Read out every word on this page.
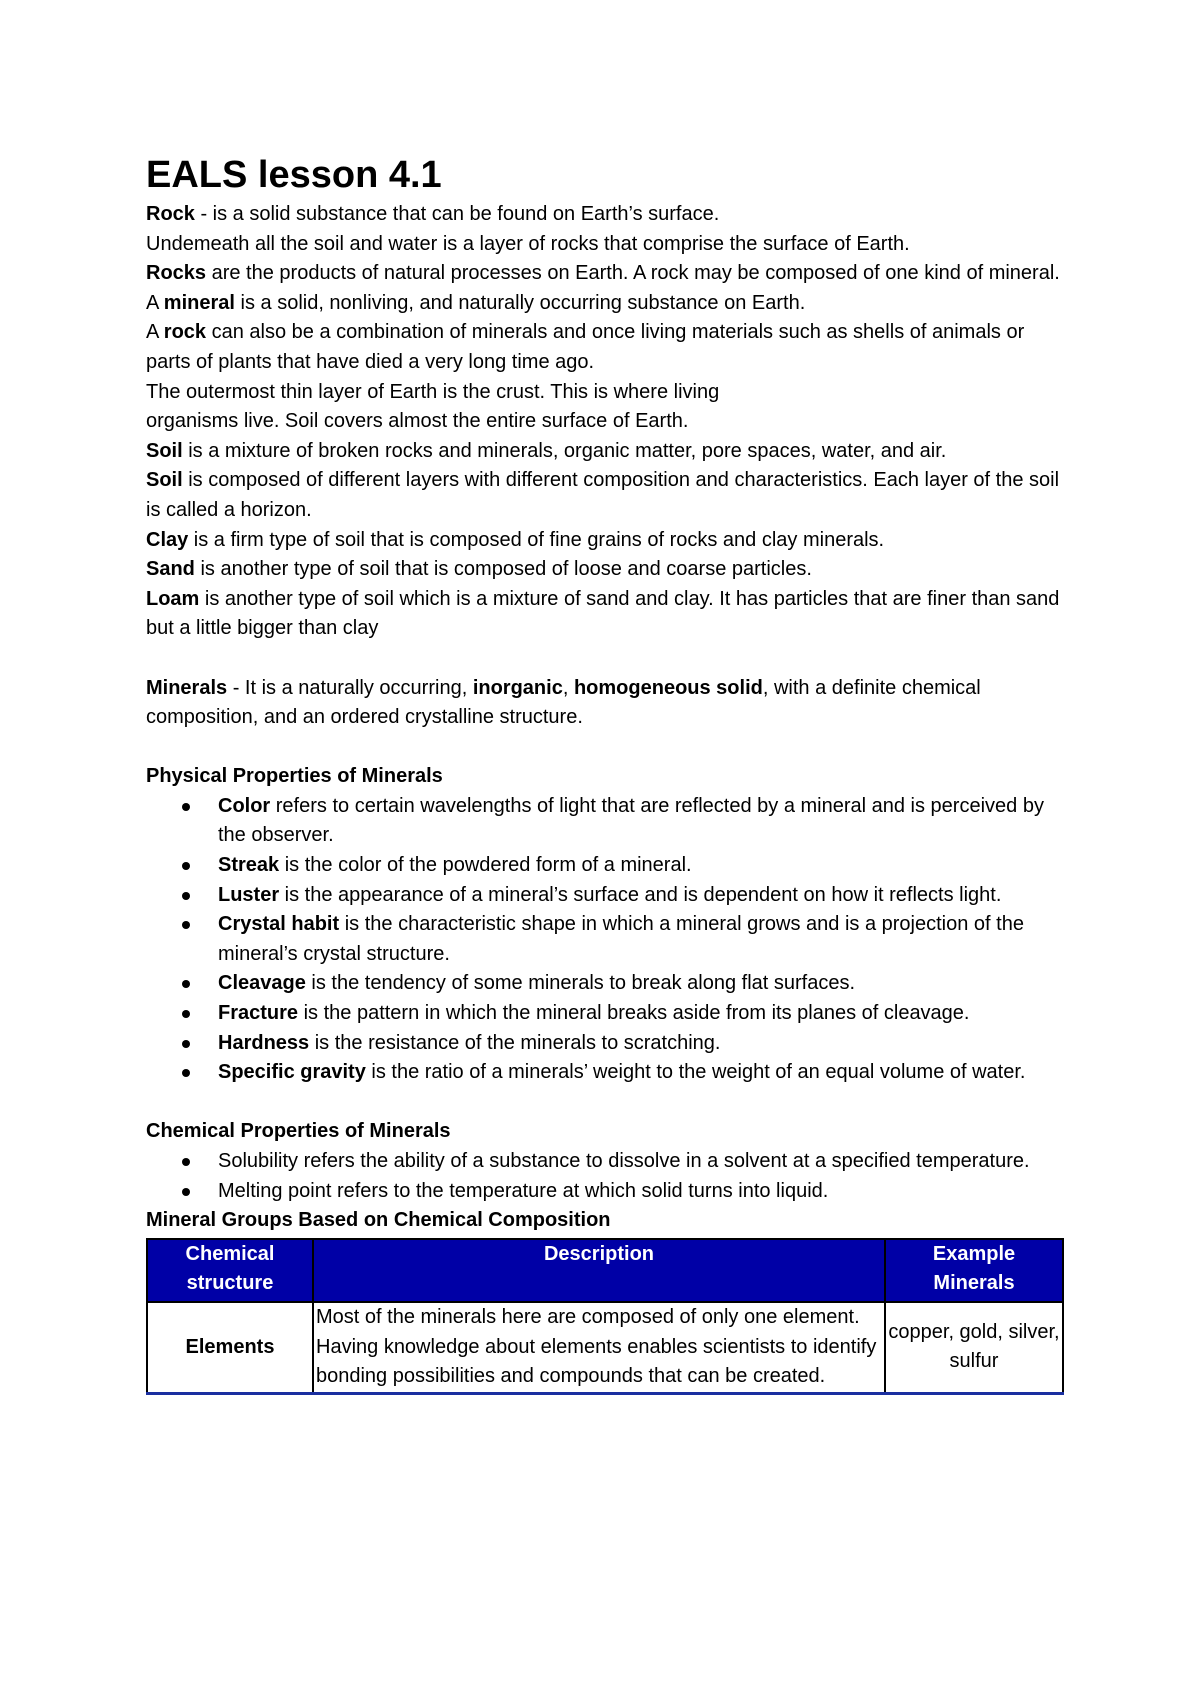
EALS lesson 4.1

Rock - is a solid substance that can be found on Earth’s surface.

Undemeath all the soil and water is a layer of rocks that comprise the surface of Earth.

Rocks are the products of natural processes on Earth. A rock may be composed of one kind of mineral.

A mineral is a solid, nonliving, and naturally occurring substance on Earth.

A rock can also be a combination of minerals and once living materials such as shells of animals or parts of plants that have died a very long time ago.

The outermost thin layer of Earth is the crust. This is where living

organisms live. Soil covers almost the entire surface of Earth.

Soil is a mixture of broken rocks and minerals, organic matter, pore spaces, water, and air.

Soil is composed of different layers with different composition and characteristics. Each layer of the soil is called a horizon.

Clay is a firm type of soil that is composed of fine grains of rocks and clay minerals.

Sand is another type of soil that is composed of loose and coarse particles.

Loam is another type of soil which is a mixture of sand and clay. It has particles that are finer than sand but a little bigger than clay

Minerals - It is a naturally occurring, inorganic, homogeneous solid, with a definite chemical composition, and an ordered crystalline structure.

Physical Properties of Minerals
Color refers to certain wavelengths of light that are reflected by a mineral and is perceived by the observer.
Streak is the color of the powdered form of a mineral.
Luster is the appearance of a mineral’s surface and is dependent on how it reflects light.
Crystal habit is the characteristic shape in which a mineral grows and is a projection of the mineral’s crystal structure.
Cleavage is the tendency of some minerals to break along flat surfaces.
Fracture is the pattern in which the mineral breaks aside from its planes of cleavage.
Hardness is the resistance of the minerals to scratching.
Specific gravity is the ratio of a minerals’ weight to the weight of an equal volume of water.
Chemical Properties of Minerals
Solubility refers the ability of a substance to dissolve in a solvent at a specified temperature.
Melting point refers to the temperature at which solid turns into liquid.
Mineral Groups Based on Chemical Composition
Chemical structure	Description	Example Minerals
Elements	Most of the minerals here are composed of only one element. Having knowledge about elements enables scientists to identify bonding possibilities and compounds that can be created.	copper, gold, silver, sulfur
